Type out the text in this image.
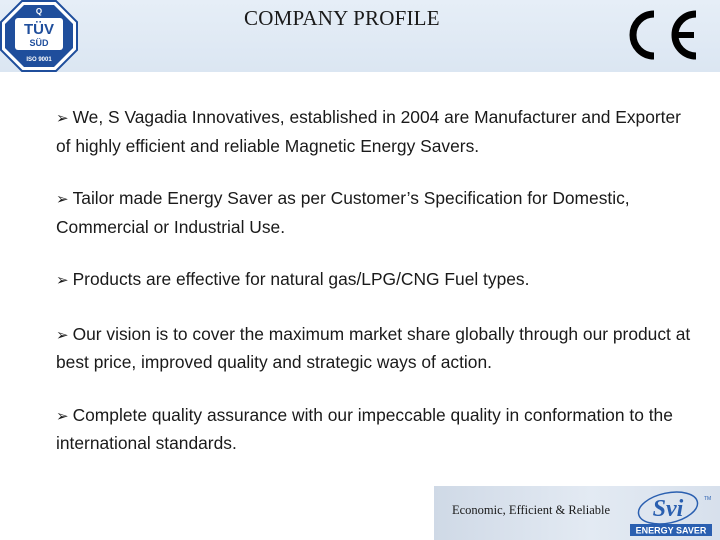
Q
TÜV
SÜD
ISO 9001
COMPANY PROFILE

➢ We, S Vagadia Innovatives, established in 2004 are Manufacturer and Exporter of highly efficient and reliable Magnetic Energy Savers.

➢ Tailor made Energy Saver as per Customer’s Specification for Domestic, Commercial or Industrial Use.

➢ Products are effective for natural gas/LPG/CNG Fuel types.

➢ Our vision is to cover the maximum market share globally through our product at best price, improved quality and strategic ways of action.

➢ Complete quality assurance with our impeccable quality in conformation to the international standards.

Economic, Efficient & Reliable Svi	TM
ENERGY SAVER
